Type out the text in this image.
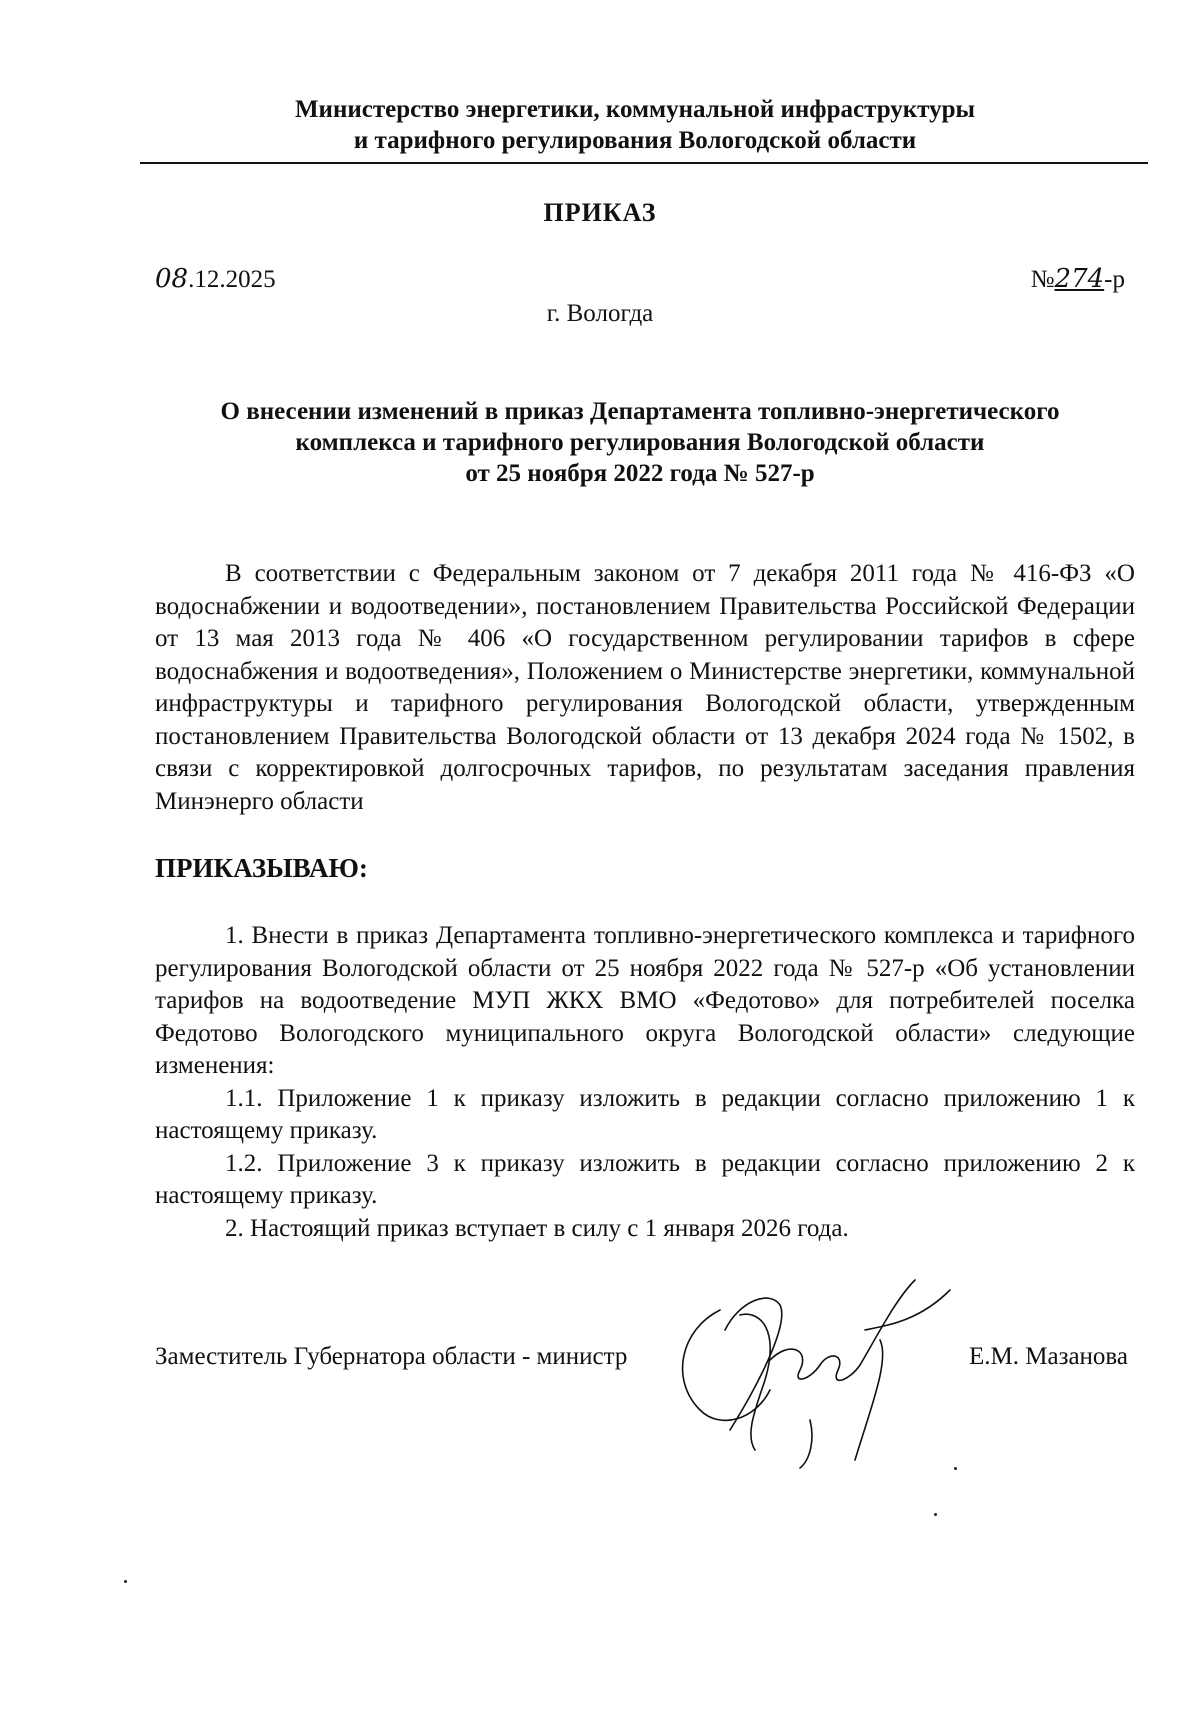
Министерство энергетики, коммунальной инфраструктуры
и тарифного регулирования Вологодской области
ПРИКАЗ
08.12.2025	№274-р
г. Вологда
О внесении изменений в приказ Департамента топливно-энергетического
комплекса и тарифного регулирования Вологодской области
от 25 ноября 2022 года № 527-р
В соответствии с Федеральным законом от 7 декабря 2011 года № 416-ФЗ «О водоснабжении и водоотведении», постановлением Правительства Российской Федерации от 13 мая 2013 года № 406 «О государственном регулировании тарифов в сфере водоснабжения и водоотведения», Положением о Министерстве энергетики, коммунальной инфраструктуры и тарифного регулирования Вологодской области, утвержденным постановлением Правительства Вологодской области от 13 декабря 2024 года № 1502, в связи с корректировкой долгосрочных тарифов, по результатам заседания правления Минэнерго области
ПРИКАЗЫВАЮ:

1. Внести в приказ Департамента топливно-энергетического комплекса и тарифного регулирования Вологодской области от 25 ноября 2022 года № 527-р «Об установлении тарифов на водоотведение МУП ЖКХ ВМО «Федотово» для потребителей поселка Федотово Вологодского муниципального округа Вологодской области» следующие изменения:

1.1. Приложение 1 к приказу изложить в редакции согласно приложению 1 к настоящему приказу.

1.2. Приложение 3 к приказу изложить в редакции согласно приложению 2 к настоящему приказу.

2. Настоящий приказ вступает в силу с 1 января 2026 года.

Заместитель Губернатора области - министр	Е.М. Мазанова
